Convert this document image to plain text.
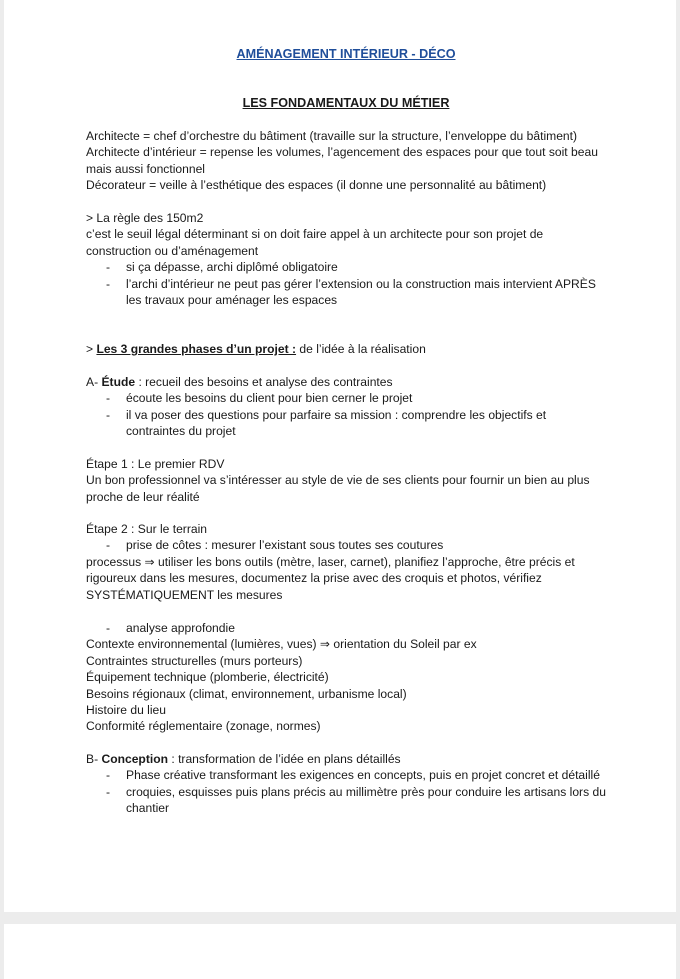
AMÉNAGEMENT INTÉRIEUR - DÉCO
LES FONDAMENTAUX DU MÉTIER

Architecte = chef d’orchestre du bâtiment (travaille sur la structure, l’enveloppe du bâtiment)

Architecte d’intérieur = repense les volumes, l’agencement des espaces pour que tout soit beau mais aussi fonctionnel

Décorateur = veille à l’esthétique des espaces (il donne une personnalité au bâtiment)

> La règle des 150m2

c’est le seuil légal déterminant si on doit faire appel à un architecte pour son projet de construction ou d’aménagement

- si ça dépasse, archi diplômé obligatoire
- l’archi d’intérieur ne peut pas gérer l’extension ou la construction mais intervient APRÈS les travaux pour aménager les espaces

> Les 3 grandes phases d’un projet : de l’idée à la réalisation

A- Étude : recueil des besoins et analyse des contraintes

- écoute les besoins du client pour bien cerner le projet
- il va poser des questions pour parfaire sa mission : comprendre les objectifs et contraintes du projet

Étape 1 : Le premier RDV

Un bon professionnel va s’intéresser au style de vie de ses clients pour fournir un bien au plus proche de leur réalité

Étape 2 : Sur le terrain

- prise de côtes : mesurer l’existant sous toutes ses coutures

processus ⇒ utiliser les bons outils (mètre, laser, carnet), planifiez l’approche, être précis et rigoureux dans les mesures, documentez la prise avec des croquis et photos, vérifiez SYSTÉMATIQUEMENT les mesures

- analyse approfondie

Contexte environnemental (lumières, vues) ⇒ orientation du Soleil par ex

Contraintes structurelles (murs porteurs)

Équipement technique (plomberie, électricité)

Besoins régionaux (climat, environnement, urbanisme local)

Histoire du lieu

Conformité réglementaire (zonage, normes)

B- Conception : transformation de l’idée en plans détaillés

- Phase créative transformant les exigences en concepts, puis en projet concret et détaillé
- croquies, esquisses puis plans précis au millimètre près pour conduire les artisans lors du chantier
